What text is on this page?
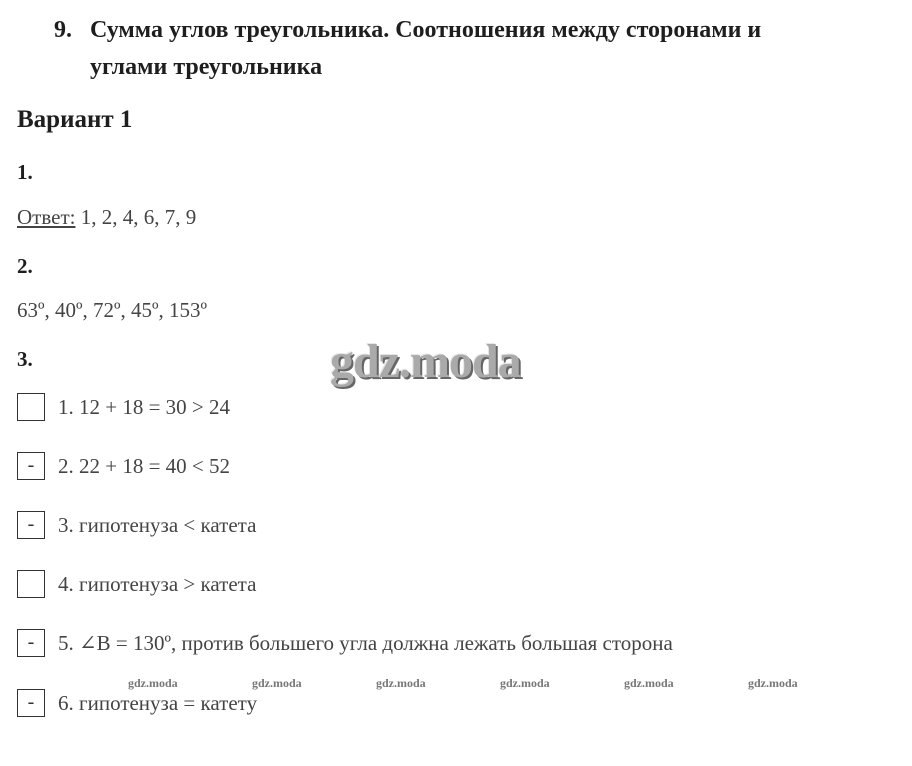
9. Сумма углов треугольника. Соотношения между сторонами и
углами треугольника
Вариант 1
1.
Ответ: 1, 2, 4, 6, 7, 9
2.
63º, 40º, 72º, 45º, 153º
3.
1. 12 + 18 = 30 > 24
-	2. 22 + 18 = 40 < 52
-	3. гипотенуза < катета
4. гипотенуза > катета
-	5. ∠B = 130º, против большего угла должна лежать большая сторона
-	6. гипотенуза = катету
gdz.moda
gdz.moda	gdz.moda	gdz.moda	gdz.moda	gdz.moda	gdz.moda
